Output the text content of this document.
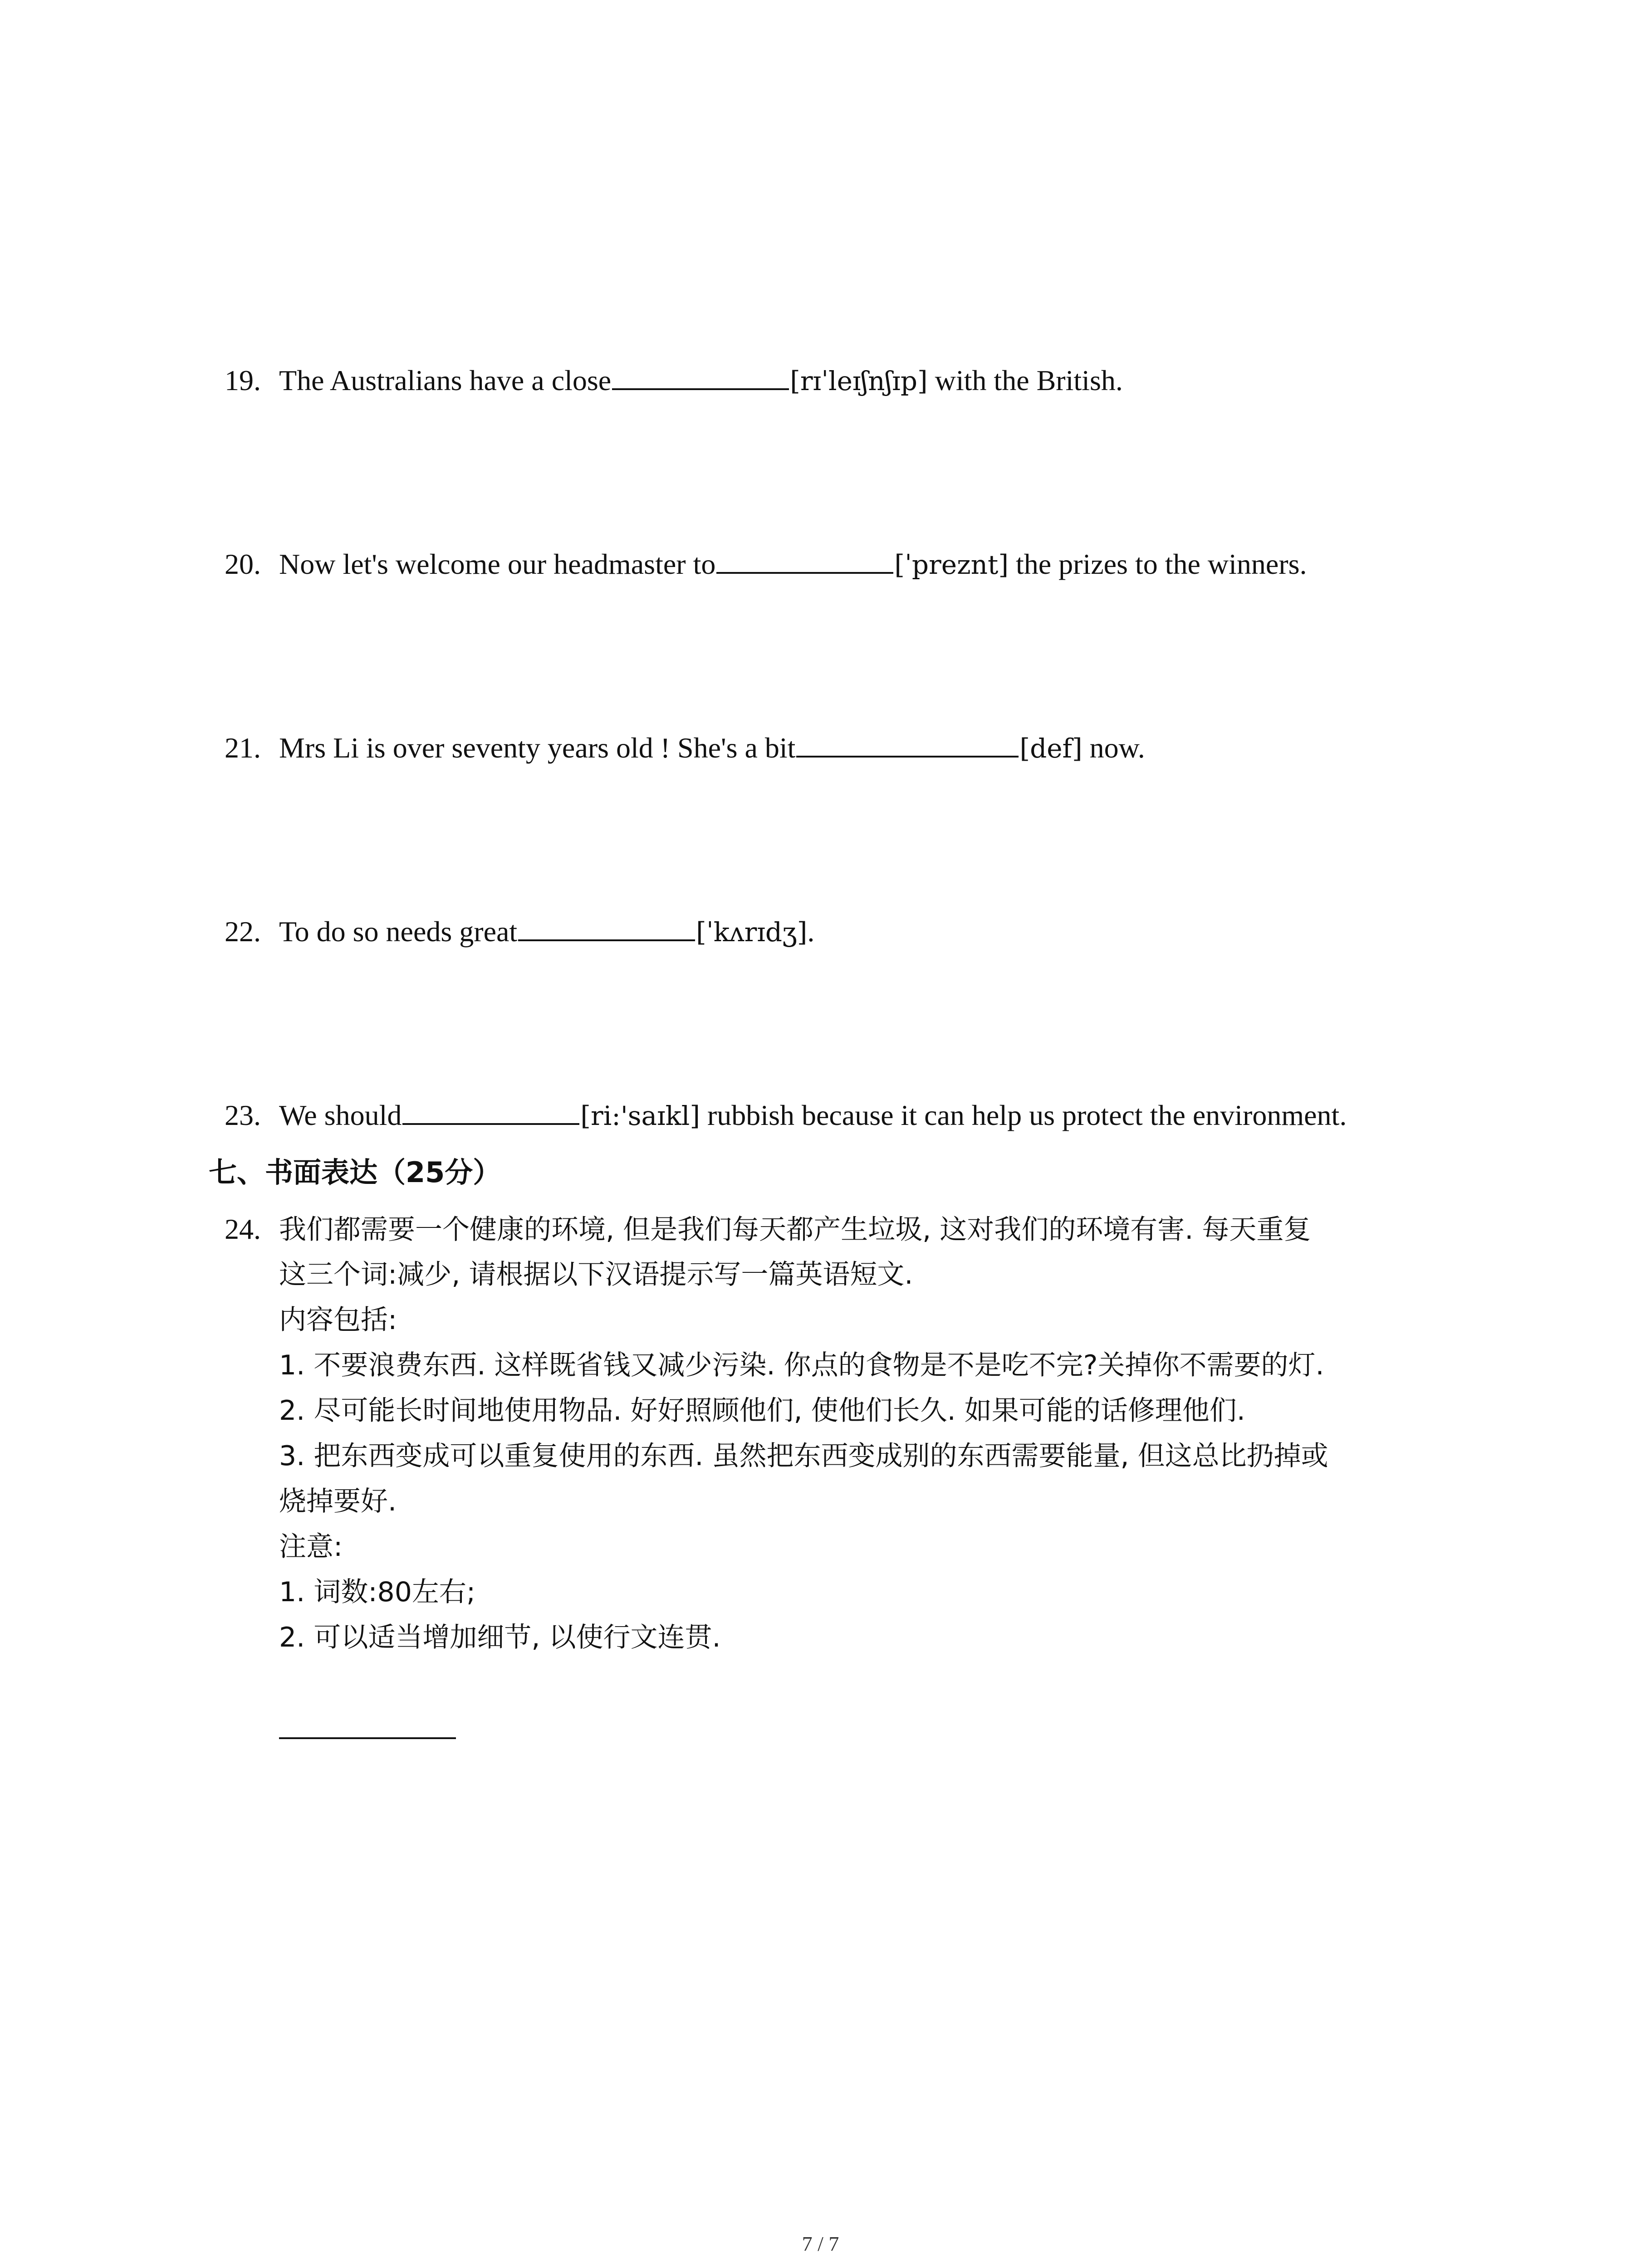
19. The Australians have a close	[rɪˈleɪʃnʃɪp] with the British.
20. Now let's welcome our headmaster to	[ˈpreznt] the prizes to the winners.
21. Mrs Li is over seventy years old ! She's a bit	[def] now.
22. To do so needs great	[ˈkʌrɪdʒ].
23. We should	[ri:'saɪkl] rubbish because it can help us protect the environment.
七、书面表达（25分）
24. 我们都需要一个健康的环境, 但是我们每天都产生垃圾, 这对我们的环境有害. 每天重复
这三个词:减少, 请根据以下汉语提示写一篇英语短文.
内容包括:
1. 不要浪费东西. 这样既省钱又减少污染. 你点的食物是不是吃不完?关掉你不需要的灯.
2. 尽可能长时间地使用物品. 好好照顾他们, 使他们长久. 如果可能的话修理他们.
3. 把东西变成可以重复使用的东西. 虽然把东西变成别的东西需要能量, 但这总比扔掉或
烧掉要好.
注意:
1. 词数:80左右;
2. 可以适当增加细节, 以使行文连贯.
7 / 7
